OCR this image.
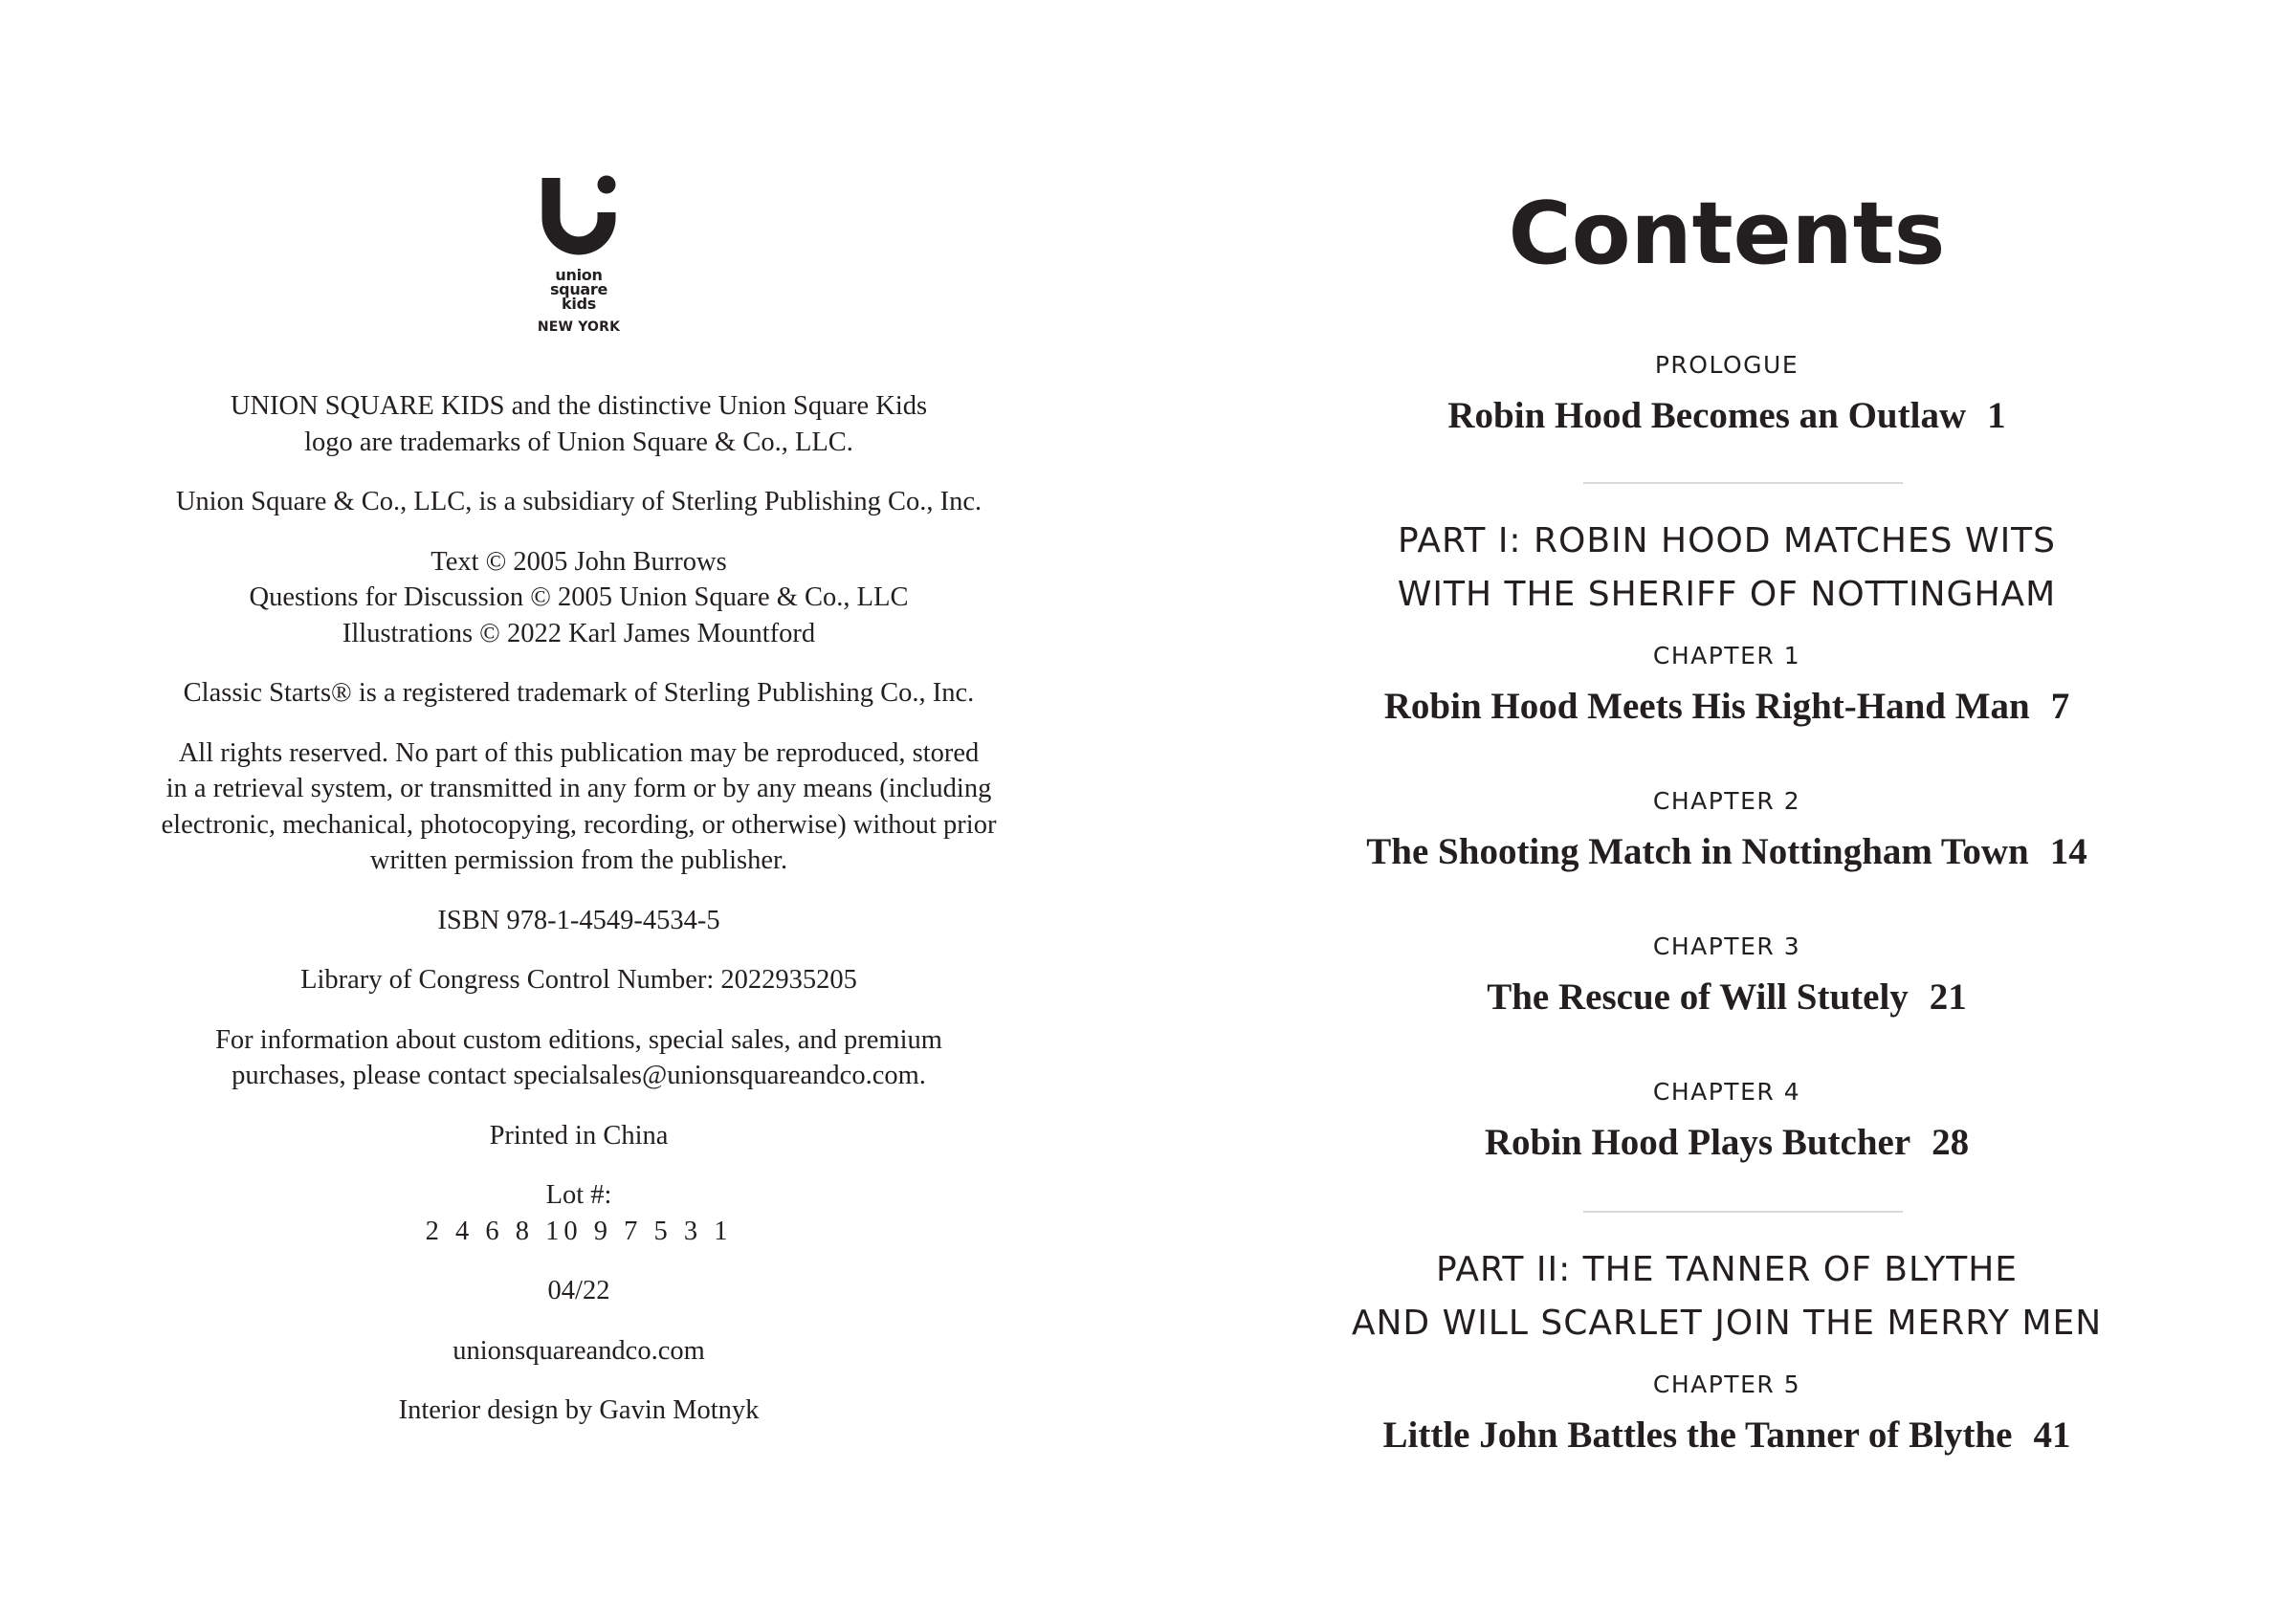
union
square
kids
NEW YORK

UNION SQUARE KIDS and the distinctive Union Square Kids
logo are trademarks of Union Square & Co., LLC.

Union Square & Co., LLC, is a subsidiary of Sterling Publishing Co., Inc.

Text © 2005 John Burrows
Questions for Discussion © 2005 Union Square & Co., LLC
Illustrations © 2022 Karl James Mountford

Classic Starts® is a registered trademark of Sterling Publishing Co., Inc.

All rights reserved. No part of this publication may be reproduced, stored
in a retrieval system, or transmitted in any form or by any means (including
electronic, mechanical, photocopying, recording, or otherwise) without prior
written permission from the publisher.

ISBN 978-1-4549-4534-5

Library of Congress Control Number: 2022935205

For information about custom editions, special sales, and premium
purchases, please contact specialsales@unionsquareandco.com.

Printed in China

Lot #:
2 4 6 8 10 9 7 5 3 1

04/22

unionsquareandco.com

Interior design by Gavin Motnyk

Contents
PROLOGUE
Robin Hood Becomes an Outlaw 1
PART I: ROBIN HOOD MATCHES WITS
WITH THE SHERIFF OF NOTTINGHAM
CHAPTER 1
Robin Hood Meets His Right-Hand Man 7
CHAPTER 2
The Shooting Match in Nottingham Town 14
CHAPTER 3
The Rescue of Will Stutely 21
CHAPTER 4
Robin Hood Plays Butcher 28
PART II: THE TANNER OF BLYTHE
AND WILL SCARLET JOIN THE MERRY MEN
CHAPTER 5
Little John Battles the Tanner of Blythe 41
